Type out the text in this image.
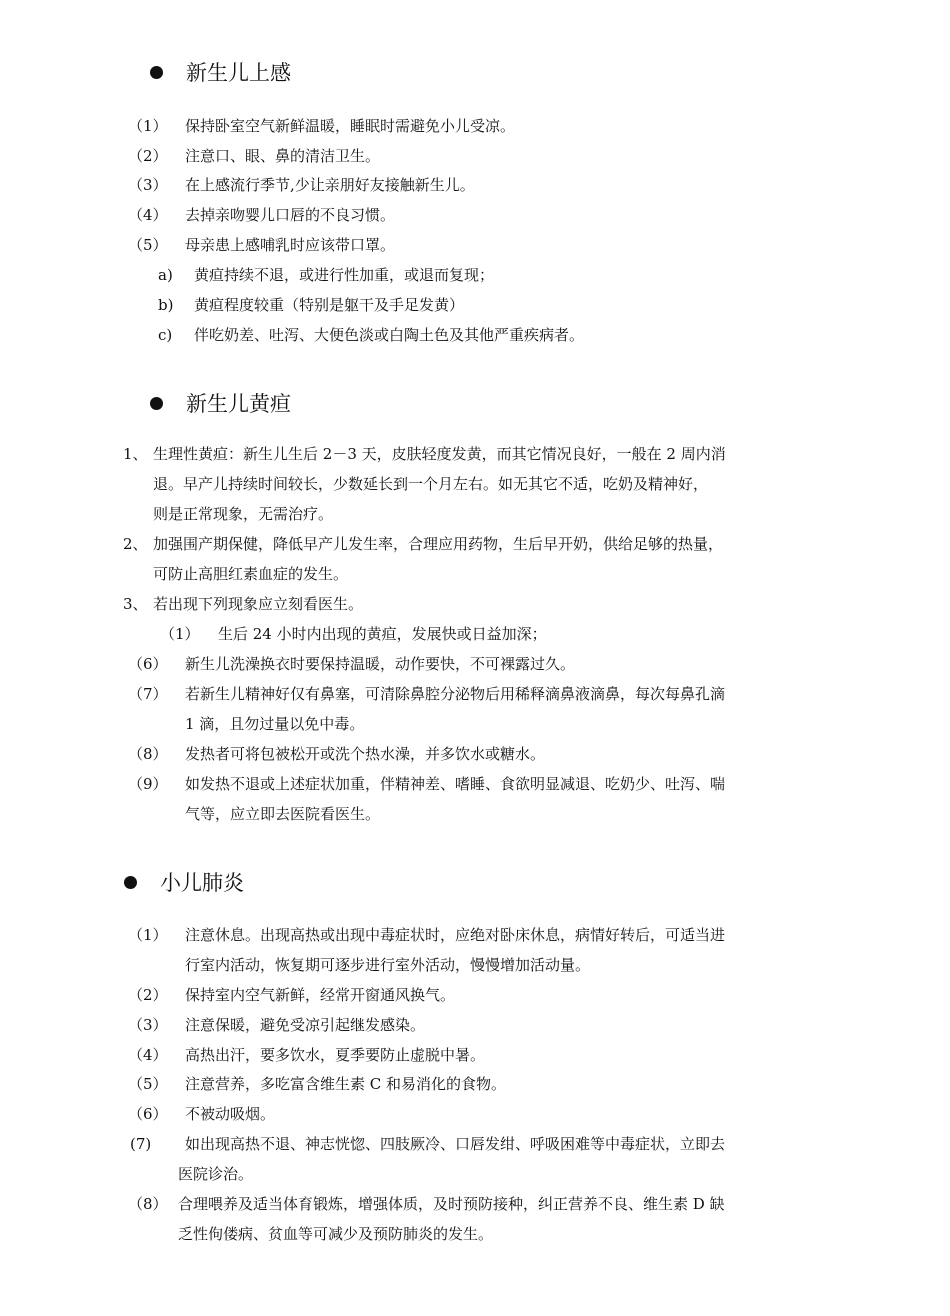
新生儿上感
（1） 保持卧室空气新鲜温暖，睡眠时需避免小儿受凉。
（2） 注意口、眼、鼻的清洁卫生。
（3） 在上感流行季节,少让亲朋好友接触新生儿。
（4） 去掉亲吻婴儿口唇的不良习惯。
（5） 母亲患上感哺乳时应该带口罩。
a) 黄疸持续不退，或进行性加重，或退而复现；
b) 黄疸程度较重（特别是躯干及手足发黄）
c) 伴吃奶差、吐泻、大便色淡或白陶土色及其他严重疾病者。
新生儿黄疸
1、 生理性黄疸：新生儿生后 2－3 天，皮肤轻度发黄，而其它情况良好，一般在 2 周内消
退。早产儿持续时间较长，少数延长到一个月左右。如无其它不适，吃奶及精神好，
则是正常现象，无需治疗。
2、 加强围产期保健，降低早产儿发生率，合理应用药物，生后早开奶，供给足够的热量，
可防止高胆红素血症的发生。
3、 若出现下列现象应立刻看医生。
（1） 生后 24 小时内出现的黄疸，发展快或日益加深；
（6） 新生儿洗澡换衣时要保持温暖，动作要快，不可裸露过久。
（7） 若新生儿精神好仅有鼻塞，可清除鼻腔分泌物后用稀释滴鼻液滴鼻，每次每鼻孔滴
1 滴，且勿过量以免中毒。
（8） 发热者可将包被松开或洗个热水澡，并多饮水或糖水。
（9） 如发热不退或上述症状加重，伴精神差、嗜睡、食欲明显减退、吃奶少、吐泻、喘
气等，应立即去医院看医生。
小儿肺炎
（1） 注意休息。出现高热或出现中毒症状时，应绝对卧床休息，病情好转后，可适当进
行室内活动，恢复期可逐步进行室外活动，慢慢增加活动量。
（2） 保持室内空气新鲜，经常开窗通风换气。
（3） 注意保暖，避免受凉引起继发感染。
（4） 高热出汗，要多饮水，夏季要防止虚脱中暑。
（5） 注意营养，多吃富含维生素 C 和易消化的食物。
（6） 不被动吸烟。
(7) 如出现高热不退、神志恍惚、四肢厥冷、口唇发绀、呼吸困难等中毒症状，立即去
医院诊治。
（8） 合理喂养及适当体育锻炼，增强体质，及时预防接种，纠正营养不良、维生素 D 缺
乏性佝偻病、贫血等可减少及预防肺炎的发生。
